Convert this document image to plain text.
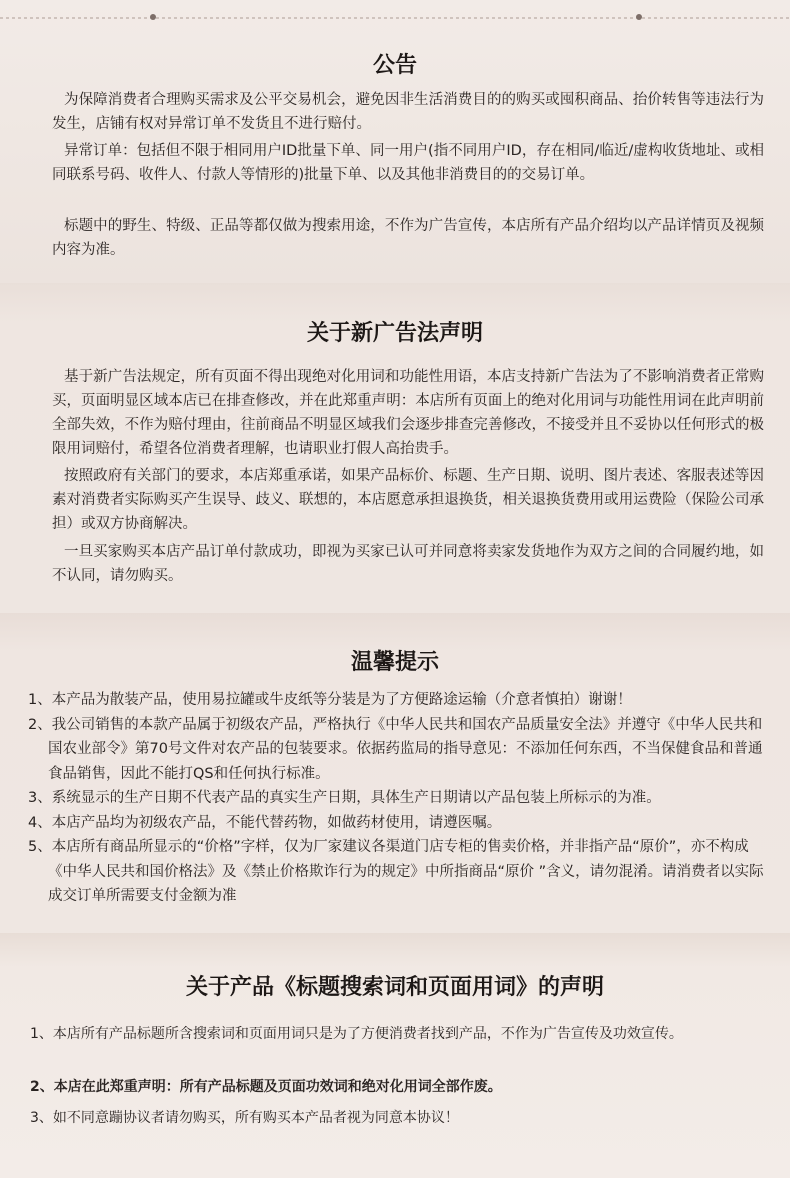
公告

为保障消费者合理购买需求及公平交易机会，避免因非生活消费目的的购买或囤积商品、抬价转售等违法行为发生，店铺有权对异常订单不发货且不进行赔付。

异常订单：包括但不限于相同用户ID批量下单、同一用户(指不同用户ID，存在相同/临近/虚构收货地址、或相同联系号码、收件人、付款人等情形的)批量下单、以及其他非消费目的的交易订单。

标题中的野生、特级、正品等都仅做为搜索用途，不作为广告宣传，本店所有产品介绍均以产品详情页及视频内容为准。

关于新广告法声明

基于新广告法规定，所有页面不得出现绝对化用词和功能性用语，本店支持新广告法为了不影响消费者正常购买，页面明显区域本店已在排查修改，并在此郑重声明：本店所有页面上的绝对化用词与功能性用词在此声明前全部失效，不作为赔付理由，往前商品不明显区域我们会逐步排查完善修改，不接受并且不妥协以任何形式的极限用词赔付，希望各位消费者理解，也请职业打假人高抬贵手。

按照政府有关部门的要求，本店郑重承诺，如果产品标价、标题、生产日期、说明、图片表述、客服表述等因素对消费者实际购买产生误导、歧义、联想的，本店愿意承担退换货，相关退换货费用或用运费险（保险公司承担）或双方协商解决。

一旦买家购买本店产品订单付款成功，即视为买家已认可并同意将卖家发货地作为双方之间的合同履约地，如不认同，请勿购买。

温馨提示
1、本产品为散装产品，使用易拉罐或牛皮纸等分装是为了方便路途运输（介意者慎拍）谢谢！
2、我公司销售的本款产品属于初级农产品，严格执行《中华人民共和国农产品质量安全法》并遵守《中华人民共和国农业部令》第70号文件对农产品的包装要求。依据药监局的指导意见：不添加任何东西，不当保健食品和普通食品销售，因此不能打QS和任何执行标准。
3、系统显示的生产日期不代表产品的真实生产日期，具体生产日期请以产品包装上所标示的为准。
4、本店产品均为初级农产品，不能代替药物，如做药材使用，请遵医嘱。
5、本店所有商品所显示的“价格”字样，仅为厂家建议各渠道门店专柜的售卖价格，并非指产品“原价”，亦不构成《中华人民共和国价格法》及《禁止价格欺诈行为的规定》中所指商品“原价 ”含义，请勿混淆。请消费者以实际成交订单所需要支付金额为准
关于产品《标题搜索词和页面用词》的声明

1、本店所有产品标题所含搜索词和页面用词只是为了方便消费者找到产品，不作为广告宣传及功效宣传。

2、本店在此郑重声明：所有产品标题及页面功效词和绝对化用词全部作废。

3、如不同意蹦协议者请勿购买，所有购买本产品者视为同意本协议！
